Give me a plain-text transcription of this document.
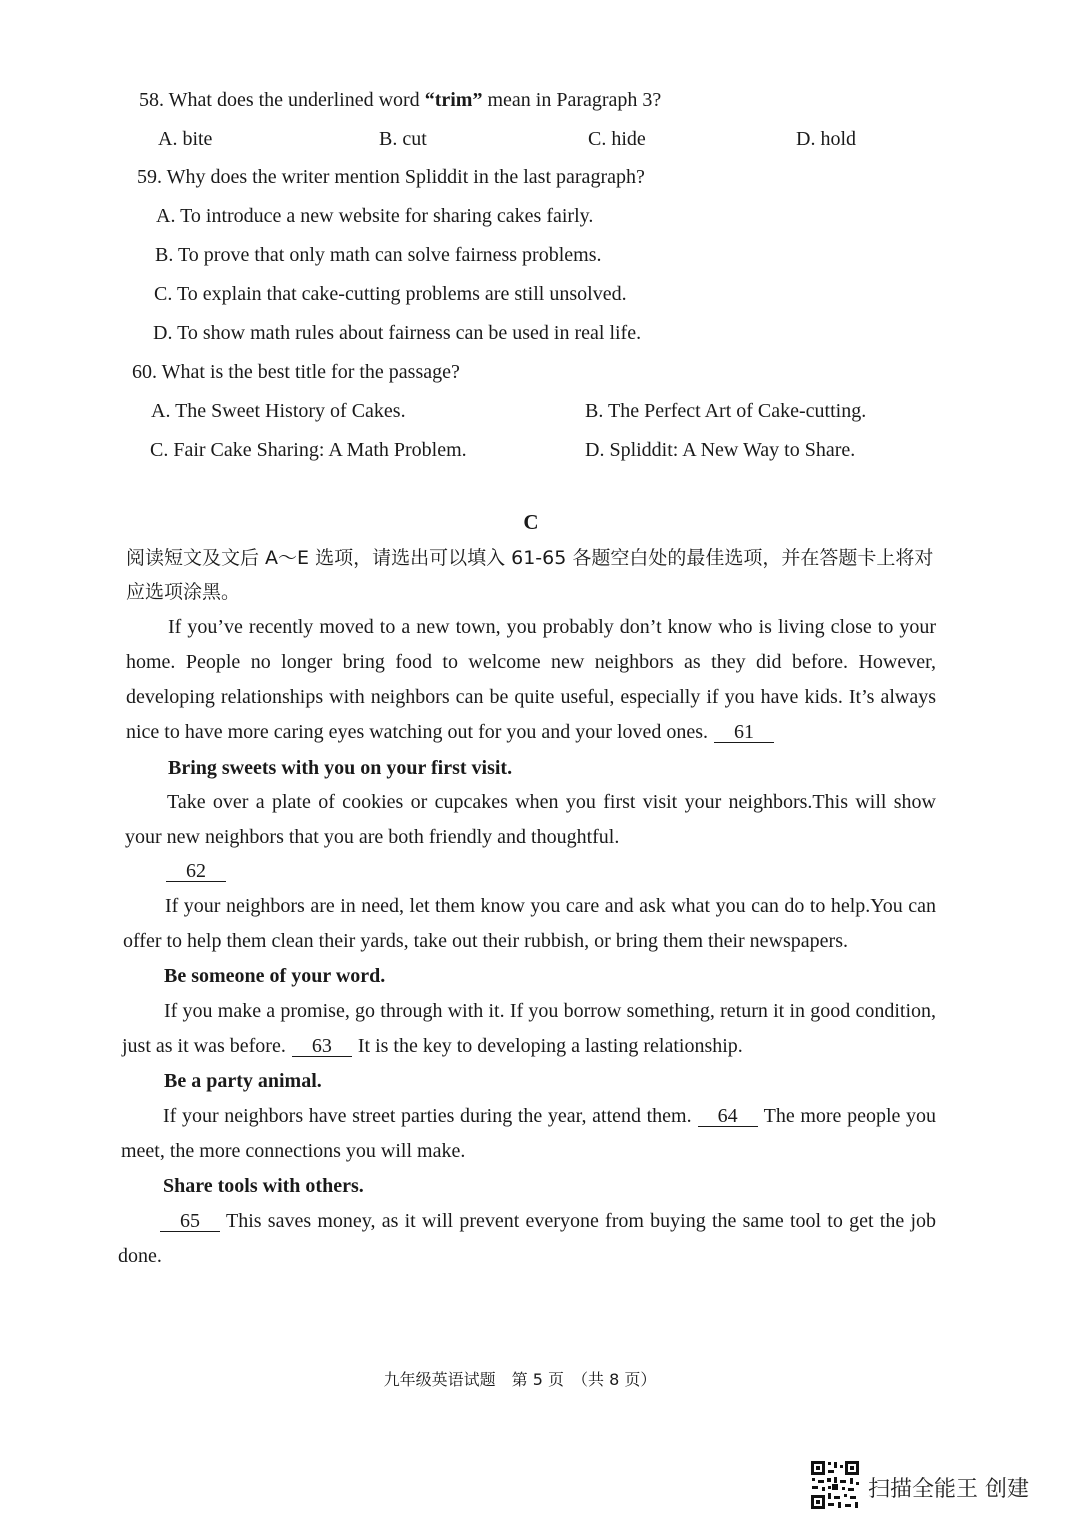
58. What does the underlined word “trim” mean in Paragraph 3?
A. bite	B. cut	C. hide	D. hold
59. Why does the writer mention Spliddit in the last paragraph?
A. To introduce a new website for sharing cakes fairly.
B. To prove that only math can solve fairness problems.
C. To explain that cake-cutting problems are still unsolved.
D. To show math rules about fairness can be used in real life.
60. What is the best title for the passage?
A. The Sweet History of Cakes.	B. The Perfect Art of Cake-cutting.
C. Fair Cake Sharing: A Math Problem.	D. Spliddit: A New Way to Share.
C
阅读短文及文后 A～E 选项，请选出可以填入 61-65 各题空白处的最佳选项，并在答题卡上将对应选项涂黑。
If you’ve recently moved to a new town, you probably don’t know who is living close to your home. People no longer bring food to welcome new neighbors as they did before. However, developing relationships with neighbors can be quite useful, especially if you have kids. It’s always nice to have more caring eyes watching out for you and your loved ones. 61
Bring sweets with you on your first visit.
Take over a plate of cookies or cupcakes when you first visit your neighbors.This will show your new neighbors that you are both friendly and thoughtful.
62
If your neighbors are in need, let them know you care and ask what you can do to help.You can offer to help them clean their yards, take out their rubbish, or bring them their newspapers.
Be someone of your word.
If you make a promise, go through with it. If you borrow something, return it in good condition, just as it was before. 63 It is the key to developing a lasting relationship.
Be a party animal.
If your neighbors have street parties during the year, attend them. 64 The more people you meet, the more connections you will make.
Share tools with others.
65 This saves money, as it will prevent everyone from buying the same tool to get the job done.
九年级英语试题　第 5 页　（共 8 页）
扫描全能王 创建
